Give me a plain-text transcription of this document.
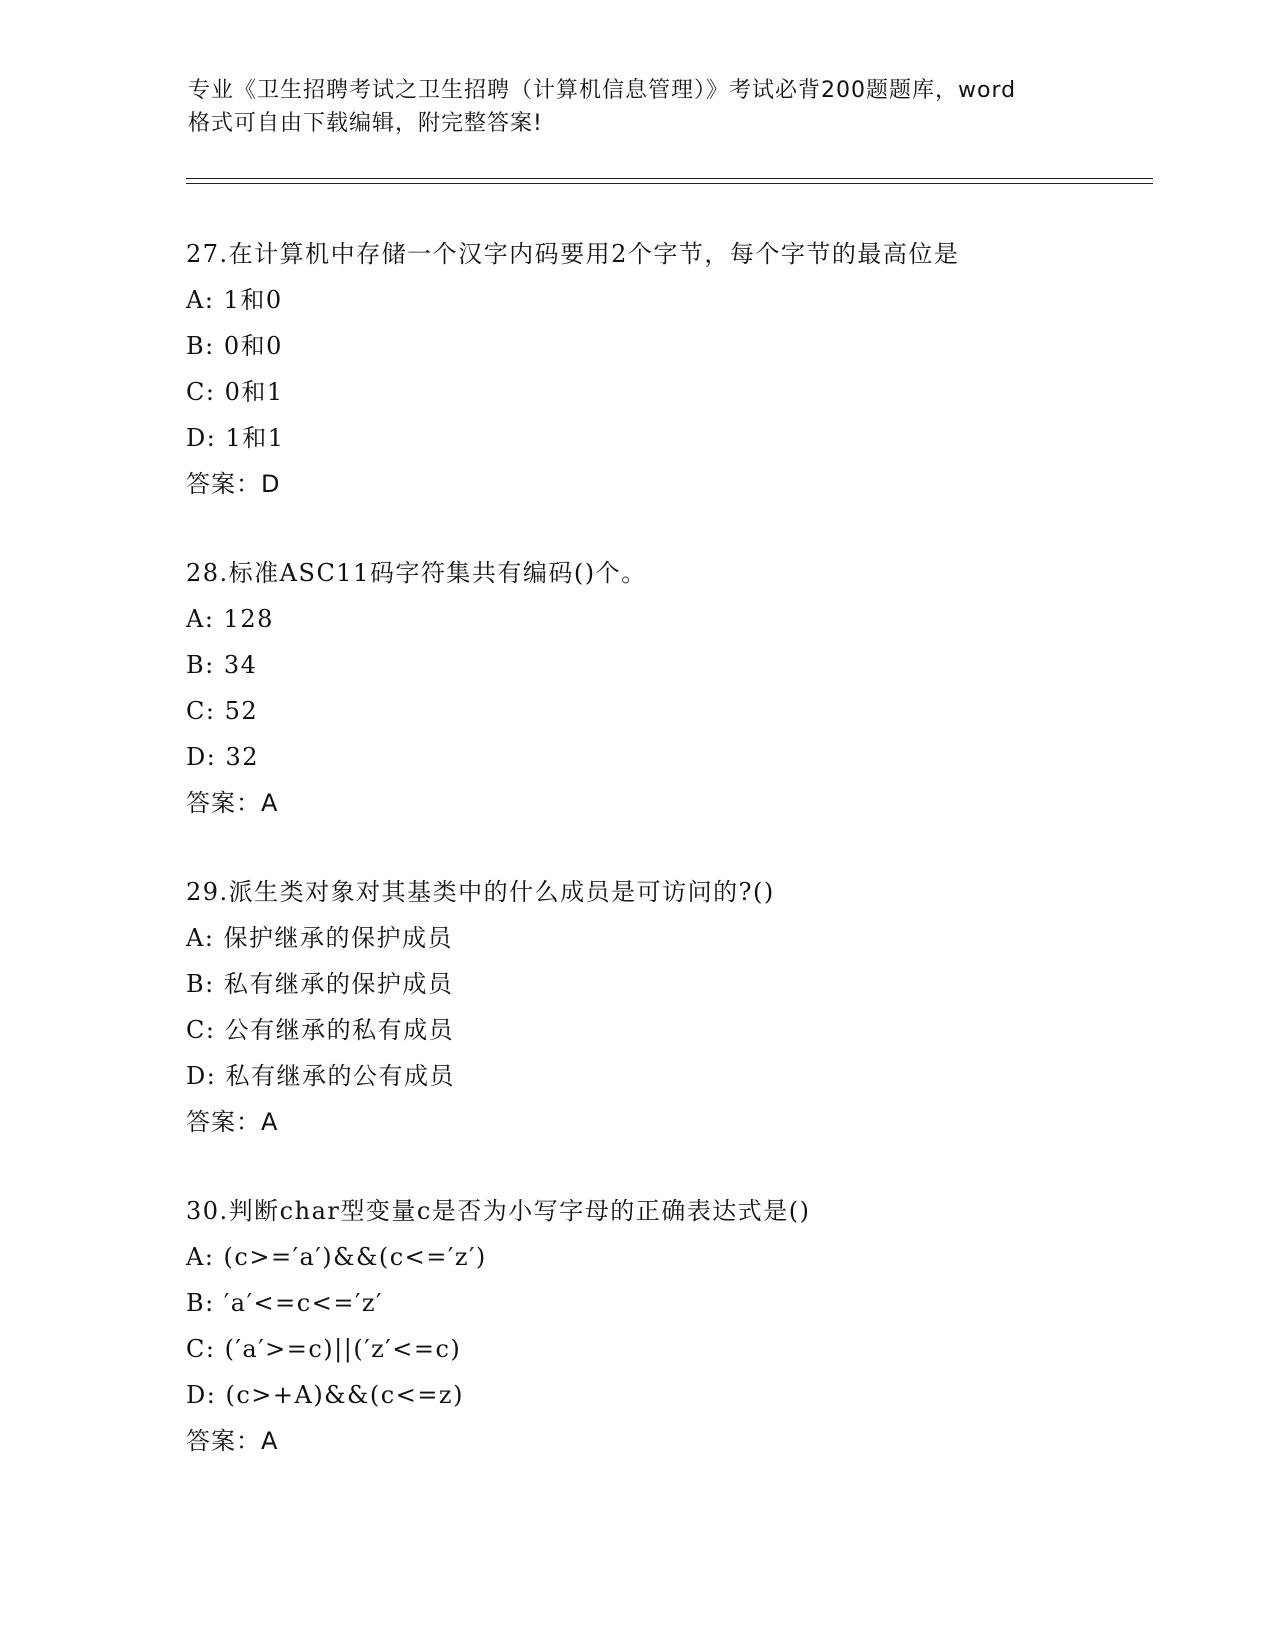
专业《卫生招聘考试之卫生招聘（计算机信息管理）》考试必背200题题库，word
格式可自由下载编辑，附完整答案!
27.在计算机中存储一个汉字内码要用2个字节，每个字节的最高位是
A: 1和0
B: 0和0
C: 0和1
D: 1和1
答案：D
28.标准ASC11码字符集共有编码()个。
A: 128
B: 34
C: 52
D: 32
答案：A
29.派生类对象对其基类中的什么成员是可访问的?()
A: 保护继承的保护成员
B: 私有继承的保护成员
C: 公有继承的私有成员
D: 私有继承的公有成员
答案：A
30.判断char型变量c是否为小写字母的正确表达式是()
A: (c>=′a′)&&(c<=′z′)
B: ′a′<=c<=′z′
C: (′a′>=c)||(′z′<=c)
D: (c>+A)&&(c<=z)
答案：A
